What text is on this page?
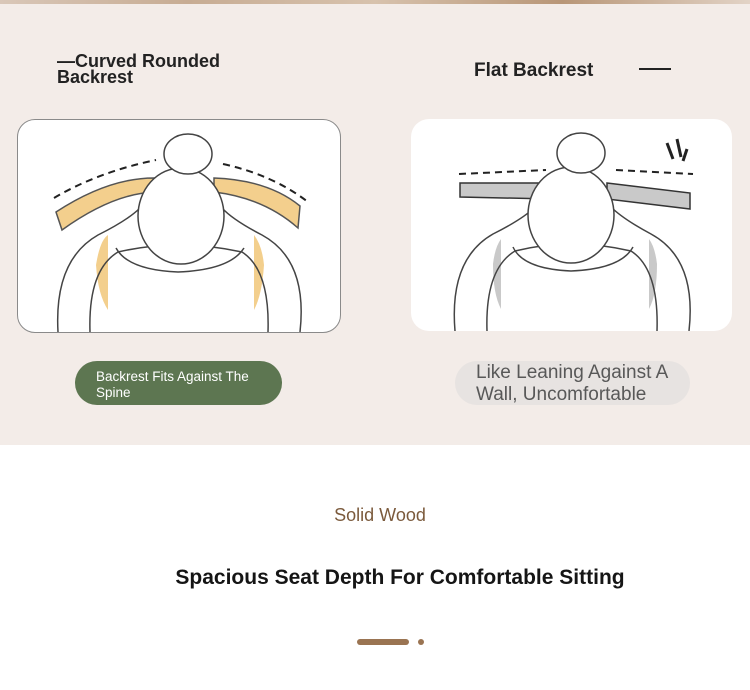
—Curved Rounded Backrest	Flat Backrest
Backrest Fits Against The Spine
Like Leaning Against A Wall, Uncomfortable
Solid Wood
Spacious Seat Depth For Comfortable Sitting
